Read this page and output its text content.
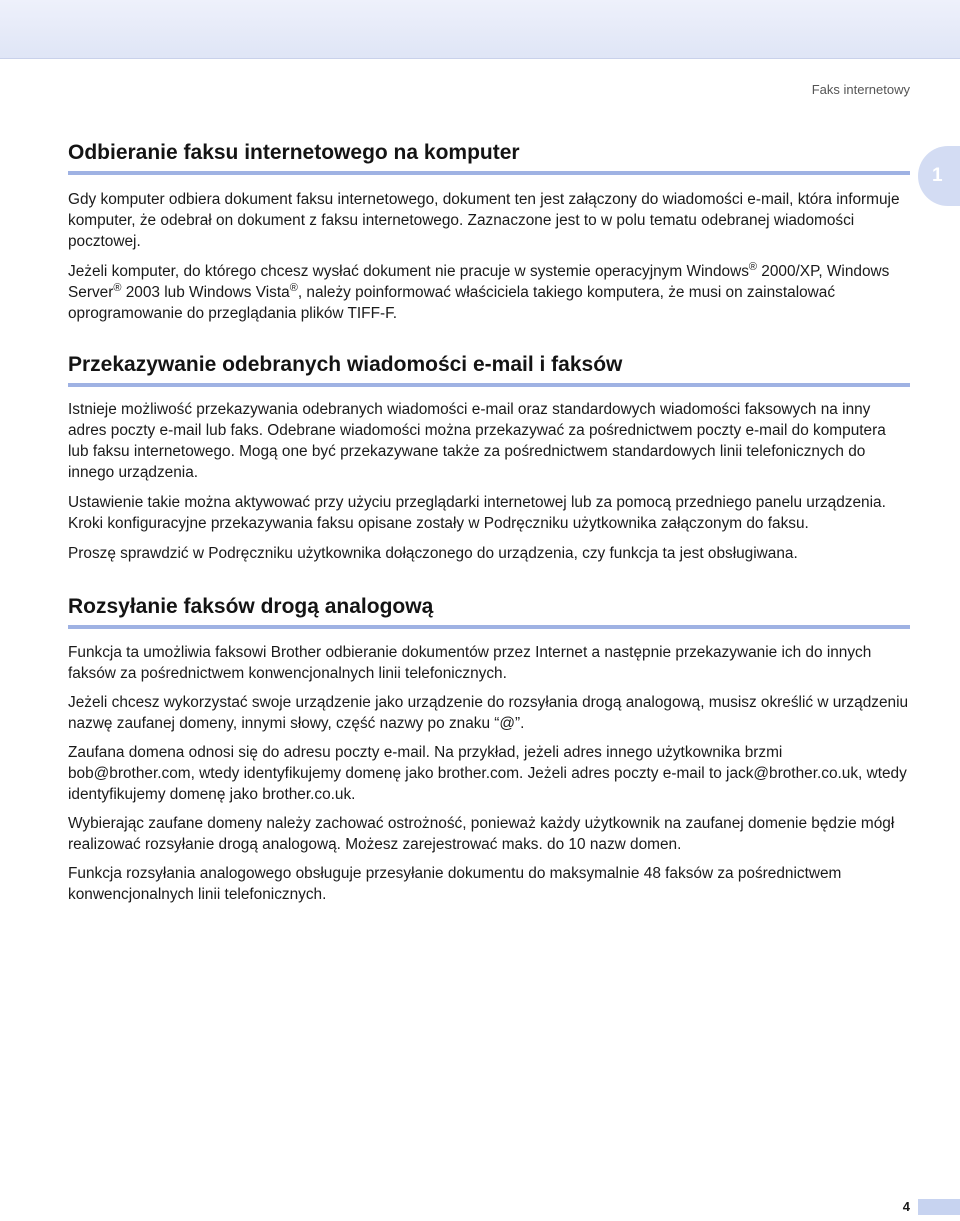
Faks internetowy
1
Odbieranie faksu internetowego na komputer

Gdy komputer odbiera dokument faksu internetowego, dokument ten jest załączony do wiadomości e-mail, która informuje komputer, że odebrał on dokument z faksu internetowego. Zaznaczone jest to w polu tematu odebranej wiadomości pocztowej.

Jeżeli komputer, do którego chcesz wysłać dokument nie pracuje w systemie operacyjnym Windows® 2000/XP, Windows Server® 2003 lub Windows Vista®, należy poinformować właściciela takiego komputera, że musi on zainstalować oprogramowanie do przeglądania plików TIFF-F.

Przekazywanie odebranych wiadomości e-mail i faksów

Istnieje możliwość przekazywania odebranych wiadomości e-mail oraz standardowych wiadomości faksowych na inny adres poczty e-mail lub faks. Odebrane wiadomości można przekazywać za pośrednictwem poczty e-mail do komputera lub faksu internetowego. Mogą one być przekazywane także za pośrednictwem standardowych linii telefonicznych do innego urządzenia.

Ustawienie takie można aktywować przy użyciu przeglądarki internetowej lub za pomocą przedniego panelu urządzenia. Kroki konfiguracyjne przekazywania faksu opisane zostały w Podręczniku użytkownika załączonym do faksu.

Proszę sprawdzić w Podręczniku użytkownika dołączonego do urządzenia, czy funkcja ta jest obsługiwana.

Rozsyłanie faksów drogą analogową

Funkcja ta umożliwia faksowi Brother odbieranie dokumentów przez Internet a następnie przekazywanie ich do innych faksów za pośrednictwem konwencjonalnych linii telefonicznych.

Jeżeli chcesz wykorzystać swoje urządzenie jako urządzenie do rozsyłania drogą analogową, musisz określić w urządzeniu nazwę zaufanej domeny, innymi słowy, część nazwy po znaku “@”.

Zaufana domena odnosi się do adresu poczty e-mail. Na przykład, jeżeli adres innego użytkownika brzmi bob@brother.com, wtedy identyfikujemy domenę jako brother.com. Jeżeli adres poczty e-mail to jack@brother.co.uk, wtedy identyfikujemy domenę jako brother.co.uk.

Wybierając zaufane domeny należy zachować ostrożność, ponieważ każdy użytkownik na zaufanej domenie będzie mógł realizować rozsyłanie drogą analogową. Możesz zarejestrować maks. do 10 nazw domen.

Funkcja rozsyłania analogowego obsługuje przesyłanie dokumentu do maksymalnie 48 faksów za pośrednictwem konwencjonalnych linii telefonicznych.

4
